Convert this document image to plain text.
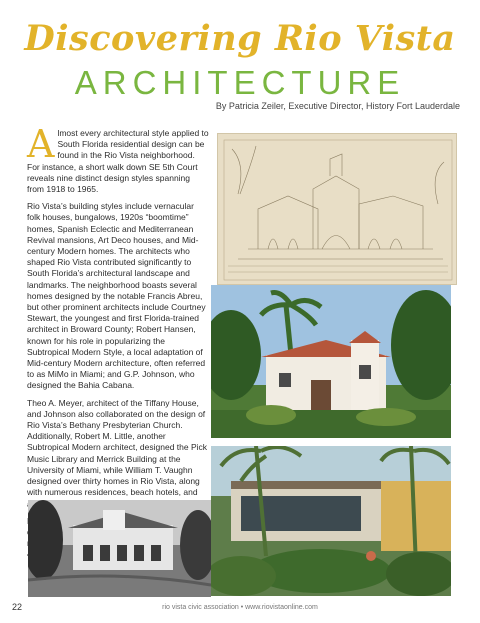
Discovering Rio Vista
ARCHITECTURE
By Patricia Zeiler, Executive Director, History Fort Lauderdale

Almost every architectural style applied to South Florida residential design can be found in the Rio Vista neighborhood. For instance, a short walk down SE 5th Court reveals nine distinct design styles spanning from 1918 to 1965.

Rio Vista’s building styles include vernacular folk houses, bungalows, 1920s “boomtime” homes, Spanish Eclectic and Mediterranean Revival mansions, Art Deco houses, and Mid-century Modern homes. The architects who shaped Rio Vista contributed significantly to South Florida’s architectural landscape and landmarks. The neighborhood boasts several homes designed by the notable Francis Abreu, but other prominent architects include Courtney Stewart, the youngest and first Florida-trained architect in Broward County; Robert Hansen, known for his role in popularizing the Subtropical Modern Style, a local adaptation of Mid-century Modern architecture, often referred to as MiMo in Miami; and G.P. Johnson, who designed the Bahia Cabana.

Theo A. Meyer, architect of the Tiffany House, and Johnson also collaborated on the design of Rio Vista’s Bethany Presbyterian Church. Additionally, Robert M. Little, another Subtropical Modern architect, designed the Pick Music Library and Merrick Building at the University of Miami, while William T. Vaughn designed over thirty homes in Rio Vista, along with numerous residences, beach hotels, and

22	rio vista civic association • www.riovistaonline.com
